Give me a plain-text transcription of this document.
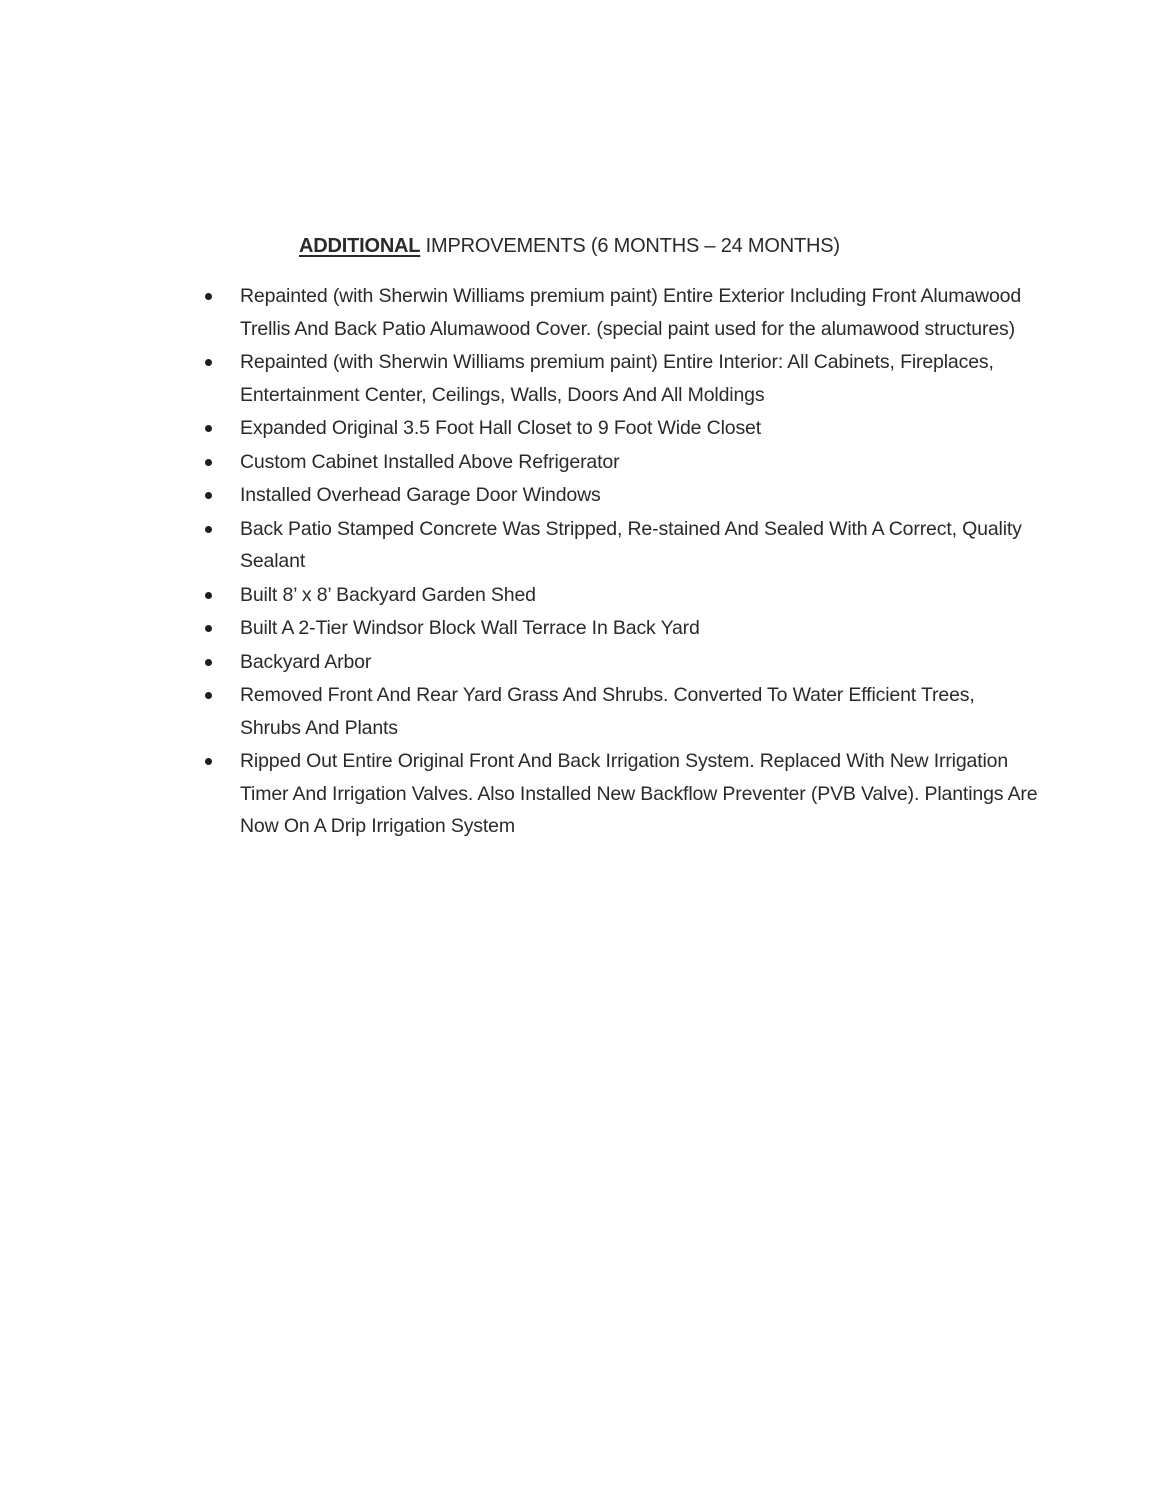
ADDITIONAL IMPROVEMENTS (6 MONTHS – 24 MONTHS)
Repainted (with Sherwin Williams premium paint) Entire Exterior Including Front Alumawood Trellis And Back Patio Alumawood Cover. (special paint used for the alumawood structures)
Repainted (with Sherwin Williams premium paint) Entire Interior: All Cabinets, Fireplaces, Entertainment Center, Ceilings, Walls, Doors And All Moldings
Expanded Original 3.5 Foot Hall Closet to 9 Foot Wide Closet
Custom Cabinet Installed Above Refrigerator
Installed Overhead Garage Door Windows
Back Patio Stamped Concrete Was Stripped, Re-stained And Sealed With A Correct, Quality Sealant
Built 8’ x 8’ Backyard Garden Shed
Built A 2-Tier Windsor Block Wall Terrace In Back Yard
Backyard Arbor
Removed Front And Rear Yard Grass And Shrubs. Converted To Water Efficient Trees, Shrubs And Plants
Ripped Out Entire Original Front And Back Irrigation System. Replaced With New Irrigation Timer And Irrigation Valves. Also Installed New Backflow Preventer (PVB Valve). Plantings Are Now On A Drip Irrigation System
